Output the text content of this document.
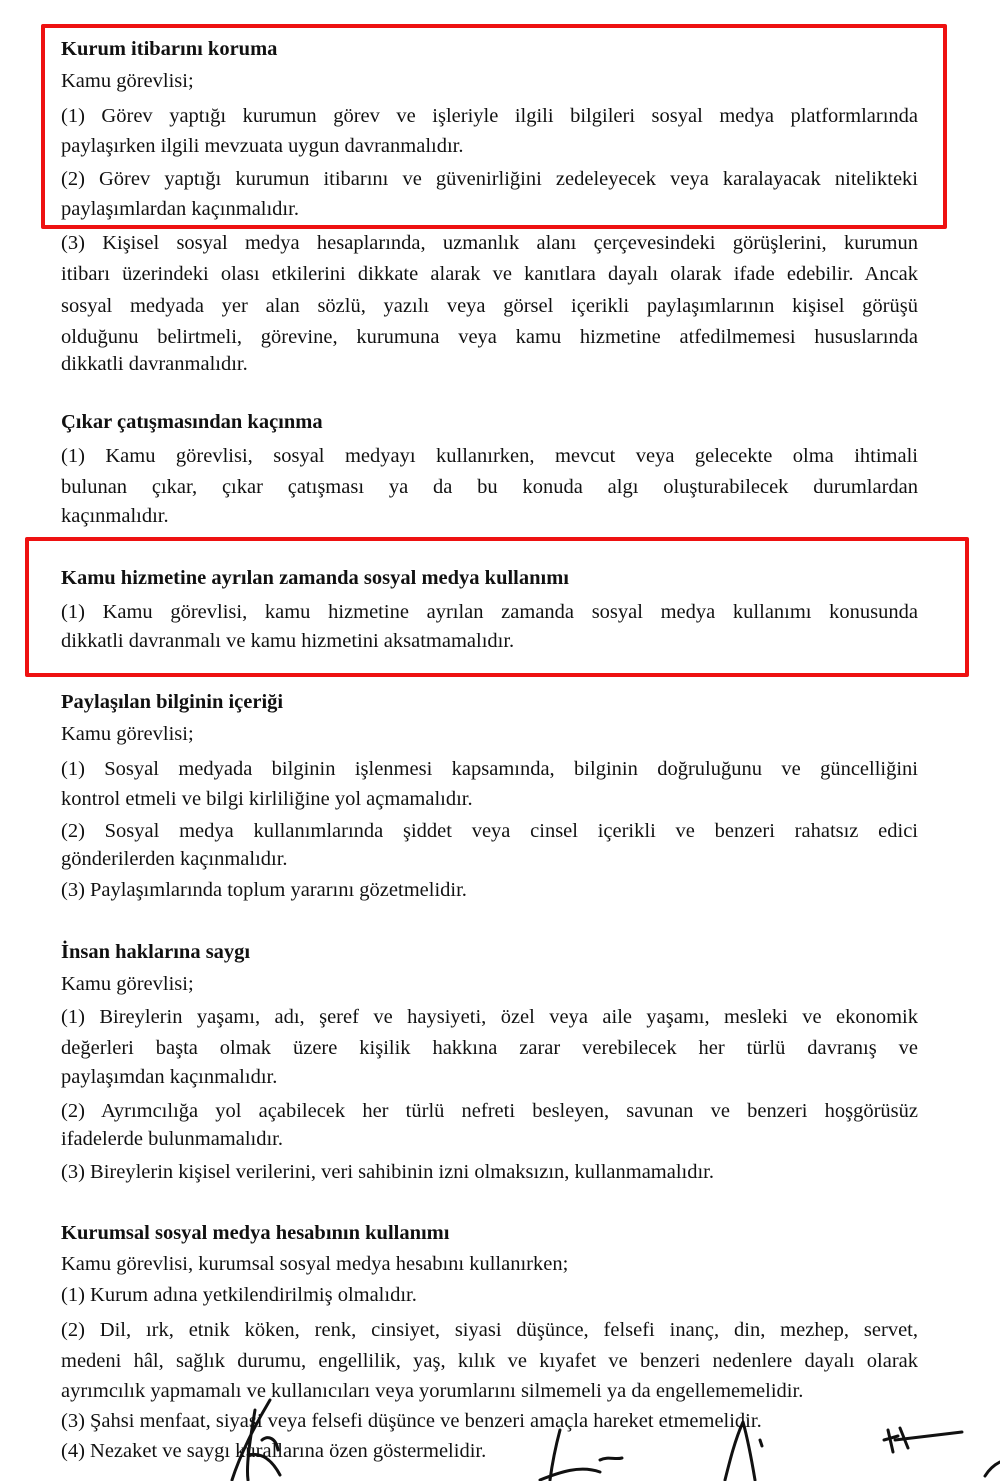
Kurum itibarını koruma
Kamu görevlisi;
(1) Görev yaptığı kurumun görev ve işleriyle ilgili bilgileri sosyal medya platformlarında
paylaşırken ilgili mevzuata uygun davranmalıdır.
(2) Görev yaptığı kurumun itibarını ve güvenirliğini zedeleyecek veya karalayacak nitelikteki
paylaşımlardan kaçınmalıdır.
(3) Kişisel sosyal medya hesaplarında, uzmanlık alanı çerçevesindeki görüşlerini, kurumun
itibarı üzerindeki olası etkilerini dikkate alarak ve kanıtlara dayalı olarak ifade edebilir. Ancak
sosyal medyada yer alan sözlü, yazılı veya görsel içerikli paylaşımlarının kişisel görüşü
olduğunu belirtmeli, görevine, kurumuna veya kamu hizmetine atfedilmemesi hususlarında
dikkatli davranmalıdır.
Çıkar çatışmasından kaçınma
(1) Kamu görevlisi, sosyal medyayı kullanırken, mevcut veya gelecekte olma ihtimali
bulunan çıkar, çıkar çatışması ya da bu konuda algı oluşturabilecek durumlardan
kaçınmalıdır.
Kamu hizmetine ayrılan zamanda sosyal medya kullanımı
(1) Kamu görevlisi, kamu hizmetine ayrılan zamanda sosyal medya kullanımı konusunda
dikkatli davranmalı ve kamu hizmetini aksatmamalıdır.
Paylaşılan bilginin içeriği
Kamu görevlisi;
(1) Sosyal medyada bilginin işlenmesi kapsamında, bilginin doğruluğunu ve güncelliğini
kontrol etmeli ve bilgi kirliliğine yol açmamalıdır.
(2) Sosyal medya kullanımlarında şiddet veya cinsel içerikli ve benzeri rahatsız edici
gönderilerden kaçınmalıdır.
(3) Paylaşımlarında toplum yararını gözetmelidir.
İnsan haklarına saygı
Kamu görevlisi;
(1) Bireylerin yaşamı, adı, şeref ve haysiyeti, özel veya aile yaşamı, mesleki ve ekonomik
değerleri başta olmak üzere kişilik hakkına zarar verebilecek her türlü davranış ve
paylaşımdan kaçınmalıdır.
(2) Ayrımcılığa yol açabilecek her türlü nefreti besleyen, savunan ve benzeri hoşgörüsüz
ifadelerde bulunmamalıdır.
(3) Bireylerin kişisel verilerini, veri sahibinin izni olmaksızın, kullanmamalıdır.
Kurumsal sosyal medya hesabının kullanımı
Kamu görevlisi, kurumsal sosyal medya hesabını kullanırken;
(1) Kurum adına yetkilendirilmiş olmalıdır.
(2) Dil, ırk, etnik köken, renk, cinsiyet, siyasi düşünce, felsefi inanç, din, mezhep, servet,
medeni hâl, sağlık durumu, engellilik, yaş, kılık ve kıyafet ve benzeri nedenlere dayalı olarak
ayrımcılık yapmamalı ve kullanıcıları veya yorumlarını silmemeli ya da engellememelidir.
(3) Şahsi menfaat, siyasi veya felsefi düşünce ve benzeri amaçla hareket etmemelidir.
(4) Nezaket ve saygı kurallarına özen göstermelidir.
